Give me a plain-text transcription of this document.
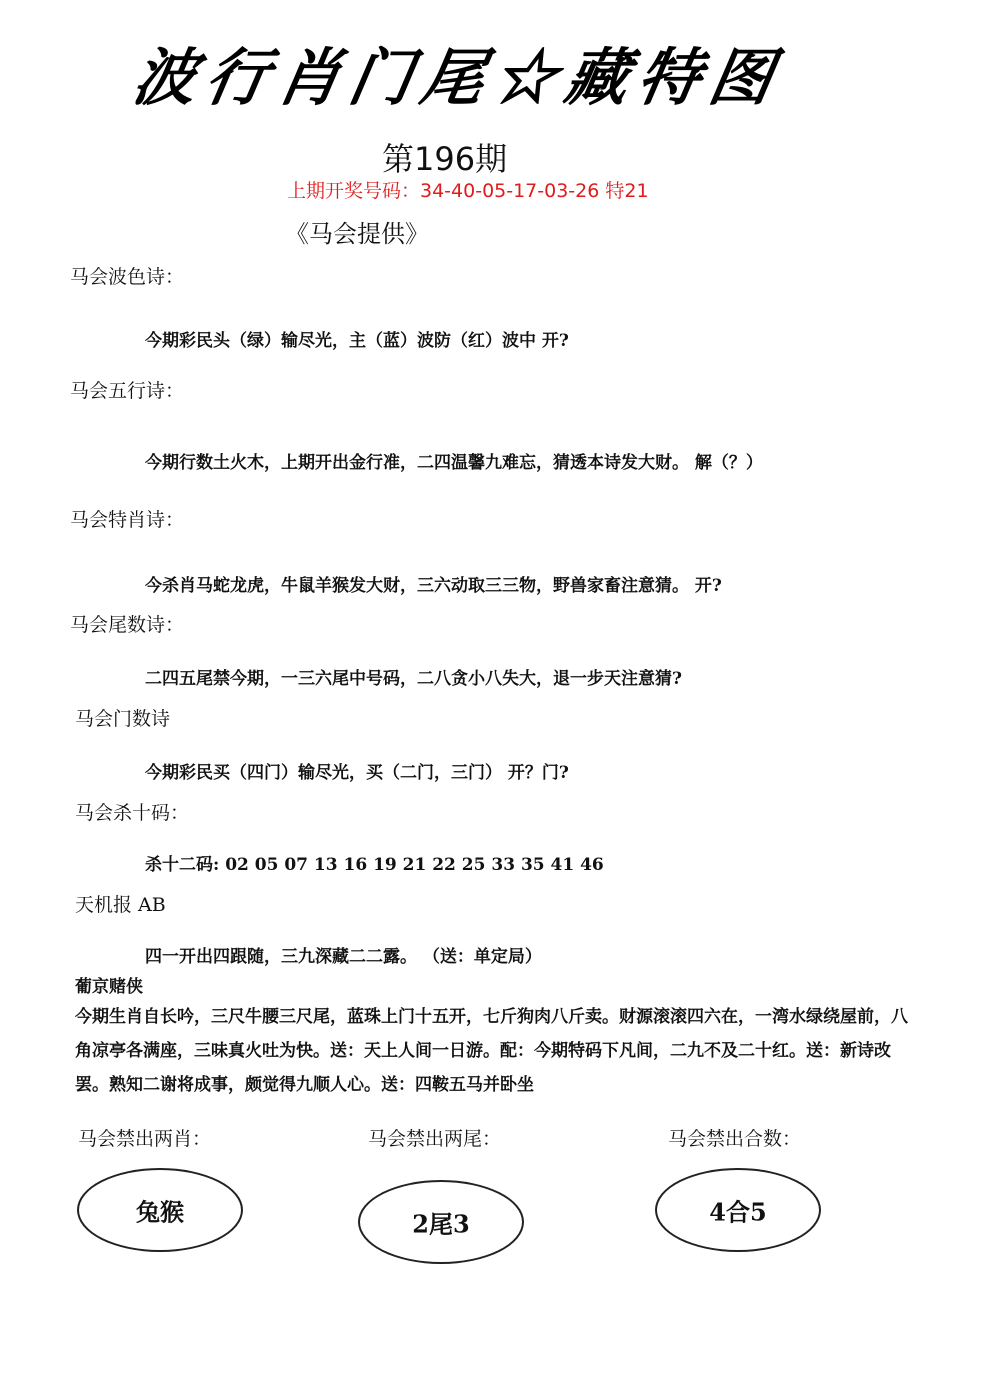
波行肖门尾☆藏特图
第196期
上期开奖号码：34-40-05-17-03-26 特21
《马会提供》
马会波色诗：
今期彩民头（绿）输尽光，主（蓝）波防（红）波中 开?
马会五行诗：
今期行数土火木，上期开出金行准，二四温馨九难忘，猜透本诗发大财。 解（？）
马会特肖诗：
今杀肖马蛇龙虎，牛鼠羊猴发大财，三六动取三三物，野兽家畜注意猜。 开?
马会尾数诗：
二四五尾禁今期，一三六尾中号码，二八贪小八失大，退一步天注意猜?
马会门数诗
今期彩民买（四门）输尽光，买（二门，三门） 开？门?
马会杀十码：
杀十二码: 02 05 07 13 16 19 21 22 25 33 35 41 46
天机报 AB
四一开出四跟随，三九深藏二二露。 （送：单定局）
葡京赌侠
今期生肖自长吟，三尺牛腰三尺尾，蓝珠上门十五开，七斤狗肉八斤卖。财源滚滚四六在，一湾水绿绕屋前，八角凉亭各满座，三味真火吐为快。送：天上人间一日游。配：今期特码下凡间，二九不及二十红。送：新诗改罢。熟知二谢将成事，颇觉得九顺人心。送：四鞍五马并卧坐
马会禁出两肖：	马会禁出两尾：	马会禁出合数：
兔猴	2尾3	4合5
